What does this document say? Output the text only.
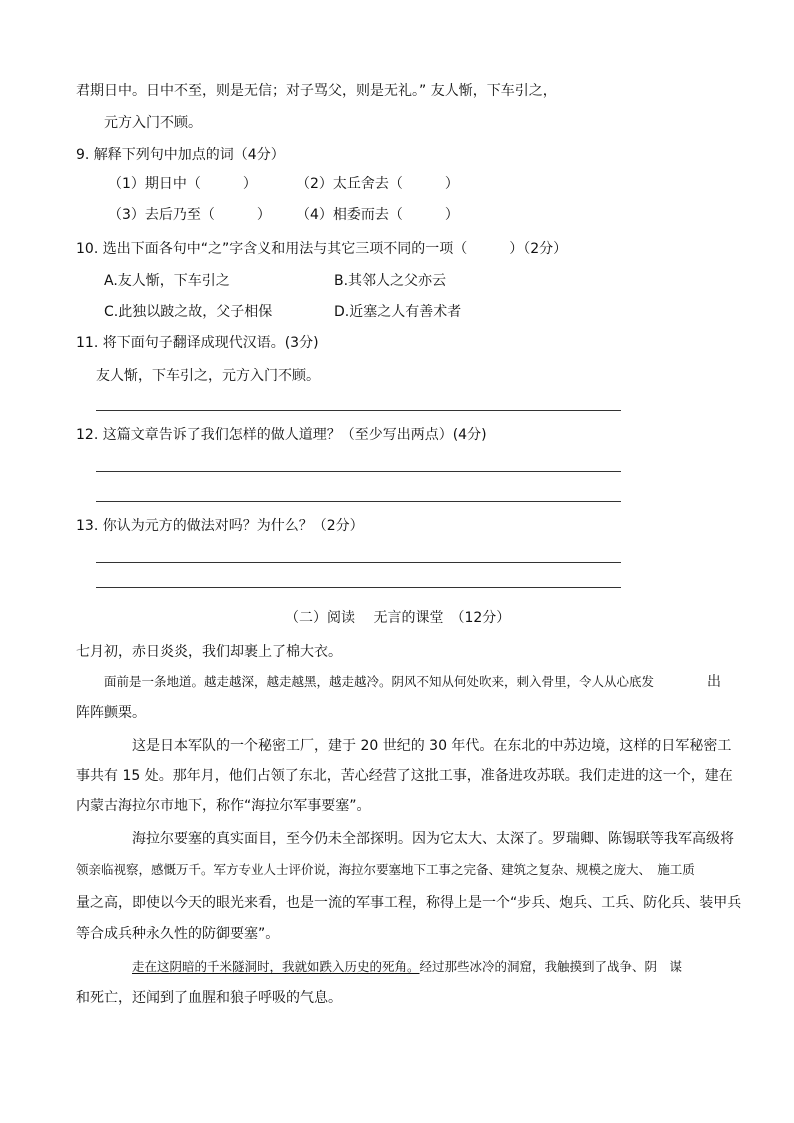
君期日中。日中不至，则是无信；对子骂父，则是无礼。” 友人惭，下车引之，
元方入门不顾。
9. 解释下列句中加点的词（4分）
（1）期日中（　　　）	（2）太丘舍去（　　　）
（3）去后乃至（　　　） （4）相委而去（　　　）
10. 选出下面各句中“之”字含义和用法与其它三项不同的一项（　　　）（2分）
A.友人惭，下车引之	B.其邻人之父亦云
C.此独以跛之故，父子相保	D.近塞之人有善术者
11. 将下面句子翻译成现代汉语。(3分)
友人惭，下车引之，元方入门不顾。
12. 这篇文章告诉了我们怎样的做人道理？（至少写出两点）(4分)
13. 你认为元方的做法对吗？为什么？（2分）
（二）阅读　 无言的课堂　（12分）
七月初，赤日炎炎，我们却裹上了棉大衣。
面前是一条地道。越走越深，越走越黑，越走越冷。阴风不知从何处吹来，刺入骨里，令人从心底发	出
阵阵颤栗。
这是日本军队的一个秘密工厂，建于 20 世纪的 30 年代。在东北的中苏边境，这样的日军秘密工
事共有 15 处。那年月，他们占领了东北，苦心经营了这批工事，准备进攻苏联。我们走进的这一个，建在
内蒙古海拉尔市地下，称作“海拉尔军事要塞”。
海拉尔要塞的真实面目，至今仍未全部探明。因为它太大、太深了。罗瑞卿、陈锡联等我军高级将
领亲临视察，感慨万千。军方专业人士评价说，海拉尔要塞地下工事之完备、建筑之复杂、规模之庞大、　施工质
量之高，即使以今天的眼光来看，也是一流的军事工程，称得上是一个“步兵、炮兵、工兵、防化兵、装甲兵
等合成兵种永久性的防御要塞”。
走在这阴暗的千米隧洞时，我就如跌入历史的死角。经过那些冰冷的洞窟，我触摸到了战争、阴　谋
和死亡，还闻到了血腥和狼子呼吸的气息。
